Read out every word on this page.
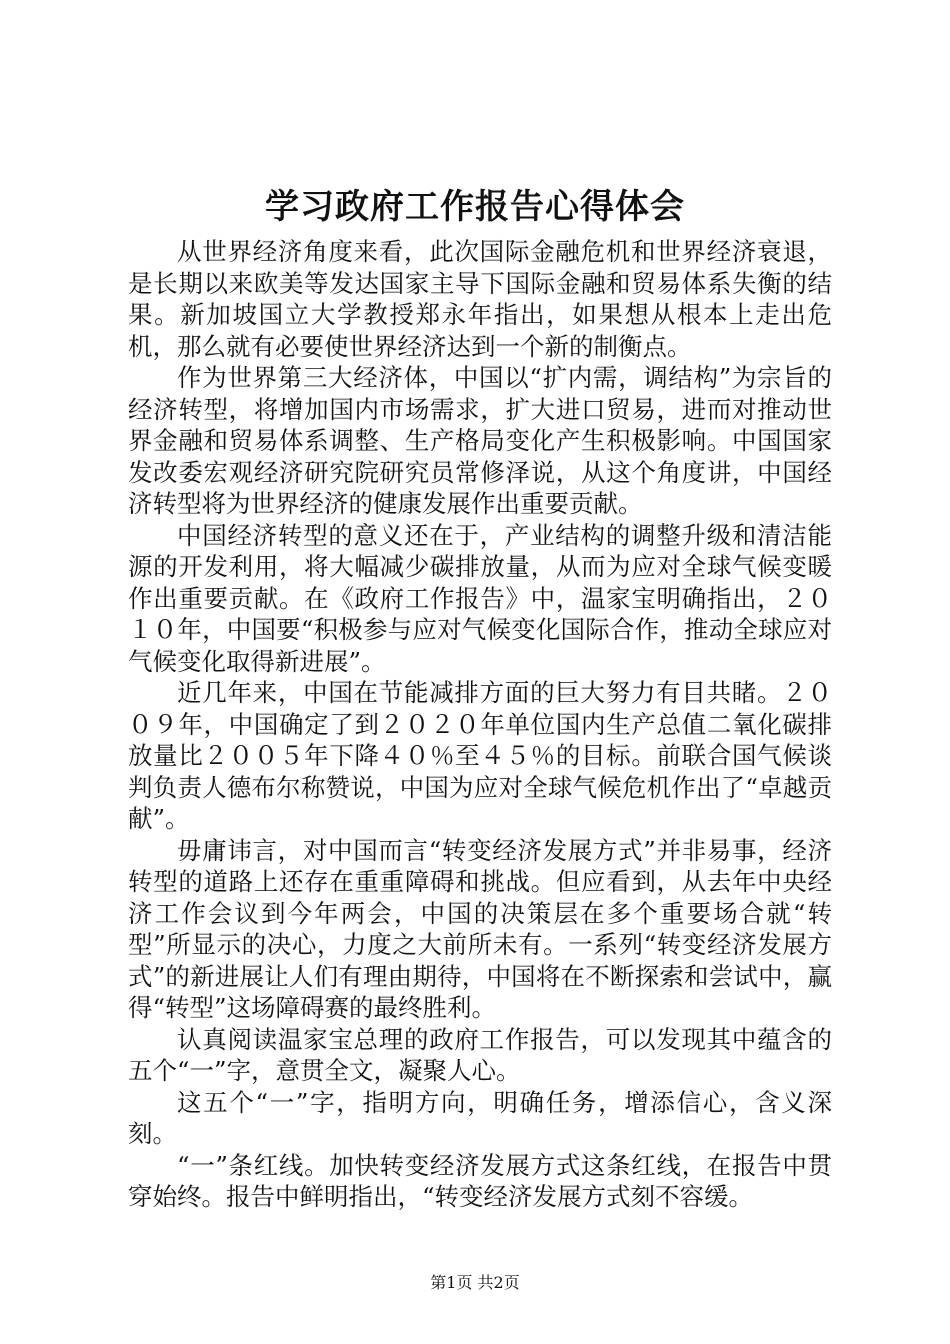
学习政府工作报告心得体会

从世界经济角度来看，此次国际金融危机和世界经济衰退，是长期以来欧美等发达国家主导下国际金融和贸易体系失衡的结果。新加坡国立大学教授郑永年指出，如果想从根本上走出危机，那么就有必要使世界经济达到一个新的制衡点。

作为世界第三大经济体，中国以“扩内需，调结构”为宗旨的经济转型，将增加国内市场需求，扩大进口贸易，进而对推动世界金融和贸易体系调整、生产格局变化产生积极影响。中国国家发改委宏观经济研究院研究员常修泽说，从这个角度讲，中国经济转型将为世界经济的健康发展作出重要贡献。

中国经济转型的意义还在于，产业结构的调整升级和清洁能源的开发利用，将大幅减少碳排放量，从而为应对全球气候变暖作出重要贡献。在《政府工作报告》中，温家宝明确指出，２０１０年，中国要“积极参与应对气候变化国际合作，推动全球应对气候变化取得新进展”。

近几年来，中国在节能减排方面的巨大努力有目共睹。２００９年，中国确定了到２０２０年单位国内生产总值二氧化碳排放量比２００５年下降４０％至４５％的目标。前联合国气候谈判负责人德布尔称赞说，中国为应对全球气候危机作出了“卓越贡献”。

毋庸讳言，对中国而言“转变经济发展方式”并非易事，经济转型的道路上还存在重重障碍和挑战。但应看到，从去年中央经济工作会议到今年两会，中国的决策层在多个重要场合就“转型”所显示的决心，力度之大前所未有。一系列“转变经济发展方式”的新进展让人们有理由期待，中国将在不断探索和尝试中，赢得“转型”这场障碍赛的最终胜利。

认真阅读温家宝总理的政府工作报告，可以发现其中蕴含的五个“一”字，意贯全文，凝聚人心。

这五个“一”字，指明方向，明确任务，增添信心，含义深刻。

“一”条红线。加快转变经济发展方式这条红线，在报告中贯穿始终。报告中鲜明指出，“转变经济发展方式刻不容缓。

第1页 共2页
